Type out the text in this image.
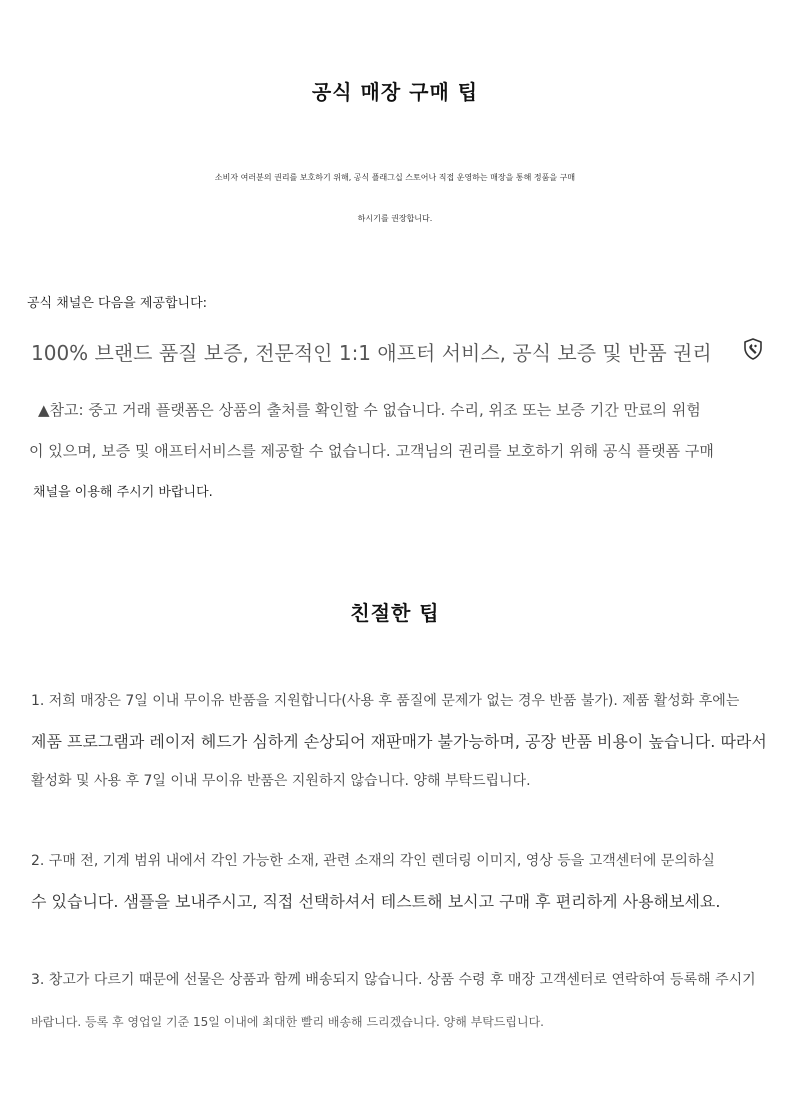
공식 매장 구매 팁
소비자 여러분의 권리를 보호하기 위해, 공식 플래그십 스토어나 직접 운영하는 매장을 통해 정품을 구매
하시기를 권장합니다.
공식 채널은 다음을 제공합니다:
100% 브랜드 품질 보증, 전문적인 1:1 애프터 서비스, 공식 보증 및 반품 권리
▲참고: 중고 거래 플랫폼은 상품의 출처를 확인할 수 없습니다. 수리, 위조 또는 보증 기간 만료의 위험
이 있으며, 보증 및 애프터서비스를 제공할 수 없습니다. 고객님의 권리를 보호하기 위해 공식 플랫폼 구매
채널을 이용해 주시기 바랍니다.
친절한 팁
1. 저희 매장은 7일 이내 무이유 반품을 지원합니다(사용 후 품질에 문제가 없는 경우 반품 불가). 제품 활성화 후에는
제품 프로그램과 레이저 헤드가 심하게 손상되어 재판매가 불가능하며, 공장 반품 비용이 높습니다. 따라서
활성화 및 사용 후 7일 이내 무이유 반품은 지원하지 않습니다. 양해 부탁드립니다.
2. 구매 전, 기계 범위 내에서 각인 가능한 소재, 관련 소재의 각인 렌더링 이미지, 영상 등을 고객센터에 문의하실
수 있습니다. 샘플을 보내주시고, 직접 선택하셔서 테스트해 보시고 구매 후 편리하게 사용해보세요.
3. 창고가 다르기 때문에 선물은 상품과 함께 배송되지 않습니다. 상품 수령 후 매장 고객센터로 연락하여 등록해 주시기
바랍니다. 등록 후 영업일 기준 15일 이내에 최대한 빨리 배송해 드리겠습니다. 양해 부탁드립니다.
